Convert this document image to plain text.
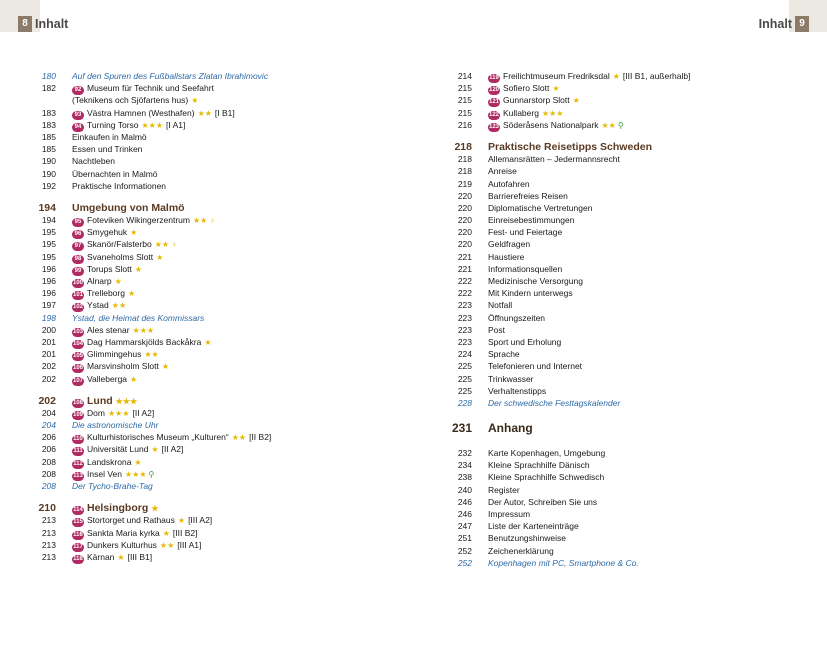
8 Inhalt	Inhalt 9
180 Auf den Spuren des Fußballstars Zlatan Ibrahimovic
182	92 Museum für Technik und Seefahrt
(Teknikens och Sjöfartens hus) ★
183	93 Västra Hamnen (Westhafen) ★★ [I B1]
183	94 Turning Torso ★★★ [I A1]
185 Einkaufen in Malmö
185 Essen und Trinken
190 Nachtleben
190 Übernachten in Malmö
192 Praktische Informationen
194 Umgebung von Malmö
194	95 Foteviken Wikingerzentrum ★★ ♀
195	96 Smygehuk ★
195	97 Skanör/Falsterbo ★★ ♀
195	98 Svaneholms Slott ★
196	99 Torups Slott ★
196	100 Alnarp ★
196	101 Trelleborg ★
197	102 Ystad ★★
198 Ystad, die Heimat des Kommissars
200	103 Ales stenar ★★★
201	104 Dag Hammarskjölds Backåkra ★
201	105 Glimmingehus ★★
202	106 Marsvinsholm Slott ★
202	107 Valleberga ★
202	108 Lund ★★★
204	109 Dom ★★★ [II A2]
204 Die astronomische Uhr
206	110 Kulturhistorisches Museum „Kulturen“ ★★ [II B2]
206	111 Universität Lund ★ [II A2]
208	112 Landskrona ★
208	113 Insel Ven ★★★ ⚲
208 Der Tycho-Brahe-Tag
210	114 Helsingborg ★
213	115 Stortorget und Rathaus ★ [III A2]
213	116 Sankta Maria kyrka ★ [III B2]
213	117 Dunkers Kulturhus ★★ [III A1]
213	118 Kärnan ★ [III B1]
214	119 Freilichtmuseum Fredriksdal ★ [III B1, außerhalb]
215	120 Sofiero Slott ★
215	121 Gunnarstorp Slott ★
215	122 Kullaberg ★★★
216	123 Söderåsens Nationalpark ★★ ⚲
218 Praktische Reisetipps Schweden
218 Allemansrätten – Jedermannsrecht
218 Anreise
219 Autofahren
220 Barrierefreies Reisen
220 Diplomatische Vertretungen
220 Einreisebestimmungen
220 Fest- und Feiertage
220 Geldfragen
221 Haustiere
221 Informationsquellen
222 Medizinische Versorgung
222 Mit Kindern unterwegs
223 Notfall
223 Öffnungszeiten
223 Post
223 Sport und Erholung
224 Sprache
225 Telefonieren und Internet
225 Trinkwasser
225 Verhaltenstipps
228 Der schwedische Festtagskalender
231 Anhang
232 Karte Kopenhagen, Umgebung
234 Kleine Sprachhilfe Dänisch
238 Kleine Sprachhilfe Schwedisch
240 Register
246 Der Autor, Schreiben Sie uns
246 Impressum
247 Liste der Karteneinträge
251 Benutzungshinweise
252 Zeichenerklärung
252 Kopenhagen mit PC, Smartphone & Co.
